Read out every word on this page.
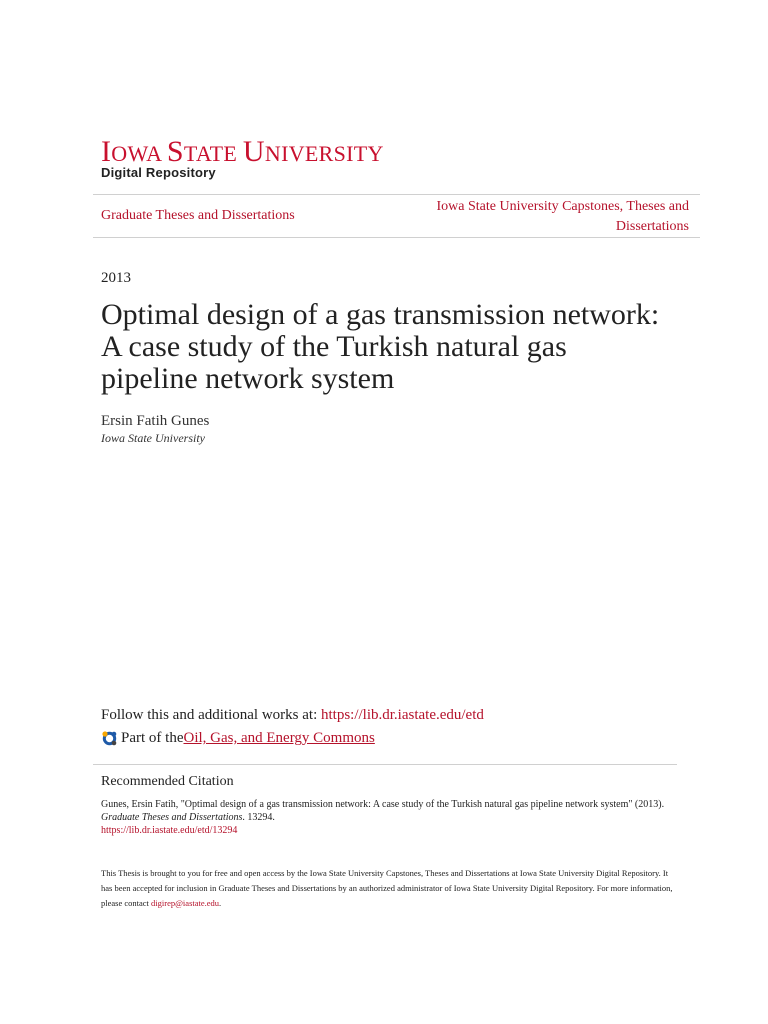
IOWA STATE UNIVERSITY
Digital Repository
Graduate Theses and Dissertations
Iowa State University Capstones, Theses and Dissertations
2013
Optimal design of a gas transmission network: A case study of the Turkish natural gas pipeline network system
Ersin Fatih Gunes
Iowa State University
Follow this and additional works at: https://lib.dr.iastate.edu/etd
Part of the Oil, Gas, and Energy Commons
Recommended Citation
Gunes, Ersin Fatih, "Optimal design of a gas transmission network: A case study of the Turkish natural gas pipeline network system" (2013). Graduate Theses and Dissertations. 13294.
https://lib.dr.iastate.edu/etd/13294
This Thesis is brought to you for free and open access by the Iowa State University Capstones, Theses and Dissertations at Iowa State University Digital Repository. It has been accepted for inclusion in Graduate Theses and Dissertations by an authorized administrator of Iowa State University Digital Repository. For more information, please contact digirep@iastate.edu.
